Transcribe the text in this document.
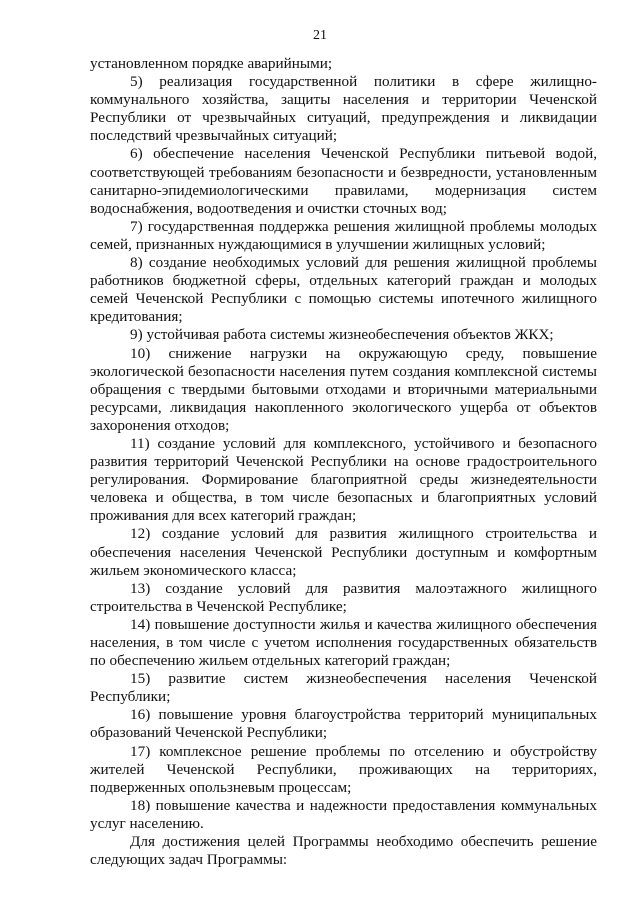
21

установленном порядке аварийными;

5) реализация государственной политики в сфере жилищно-коммунального хозяйства, защиты населения и территории Чеченской Республики от чрезвычайных ситуаций, предупреждения и ликвидации последствий чрезвычайных ситуаций;

6) обеспечение населения Чеченской Республики питьевой водой, соответствующей требованиям безопасности и безвредности, установленным санитарно-эпидемиологическими правилами, модернизация систем водоснабжения, водоотведения и очистки сточных вод;

7) государственная поддержка решения жилищной проблемы молодых семей, признанных нуждающимися в улучшении жилищных условий;

8) создание необходимых условий для решения жилищной проблемы работников бюджетной сферы, отдельных категорий граждан и молодых семей Чеченской Республики с помощью системы ипотечного жилищного кредитования;

9) устойчивая работа системы жизнеобеспечения объектов ЖКХ;

10) снижение нагрузки на окружающую среду, повышение экологической безопасности населения путем создания комплексной системы обращения с твердыми бытовыми отходами и вторичными материальными ресурсами, ликвидация накопленного экологического ущерба от объектов захоронения отходов;

11) создание условий для комплексного, устойчивого и безопасного развития территорий Чеченской Республики на основе градостроительного регулирования. Формирование благоприятной среды жизнедеятельности человека и общества, в том числе безопасных и благоприятных условий проживания для всех категорий граждан;

12) создание условий для развития жилищного строительства и обеспечения населения Чеченской Республики доступным и комфортным жильем экономического класса;

13) создание условий для развития малоэтажного жилищного строительства в Чеченской Республике;

14) повышение доступности жилья и качества жилищного обеспечения населения, в том числе с учетом исполнения государственных обязательств по обеспечению жильем отдельных категорий граждан;

15) развитие систем жизнеобеспечения населения Чеченской Республики;

16) повышение уровня благоустройства территорий муниципальных образований Чеченской Республики;

17) комплексное решение проблемы по отселению и обустройству жителей Чеченской Республики, проживающих на территориях, подверженных опользневым процессам;

18) повышение качества и надежности предоставления коммунальных услуг населению.

Для достижения целей Программы необходимо обеспечить решение следующих задач Программы:
